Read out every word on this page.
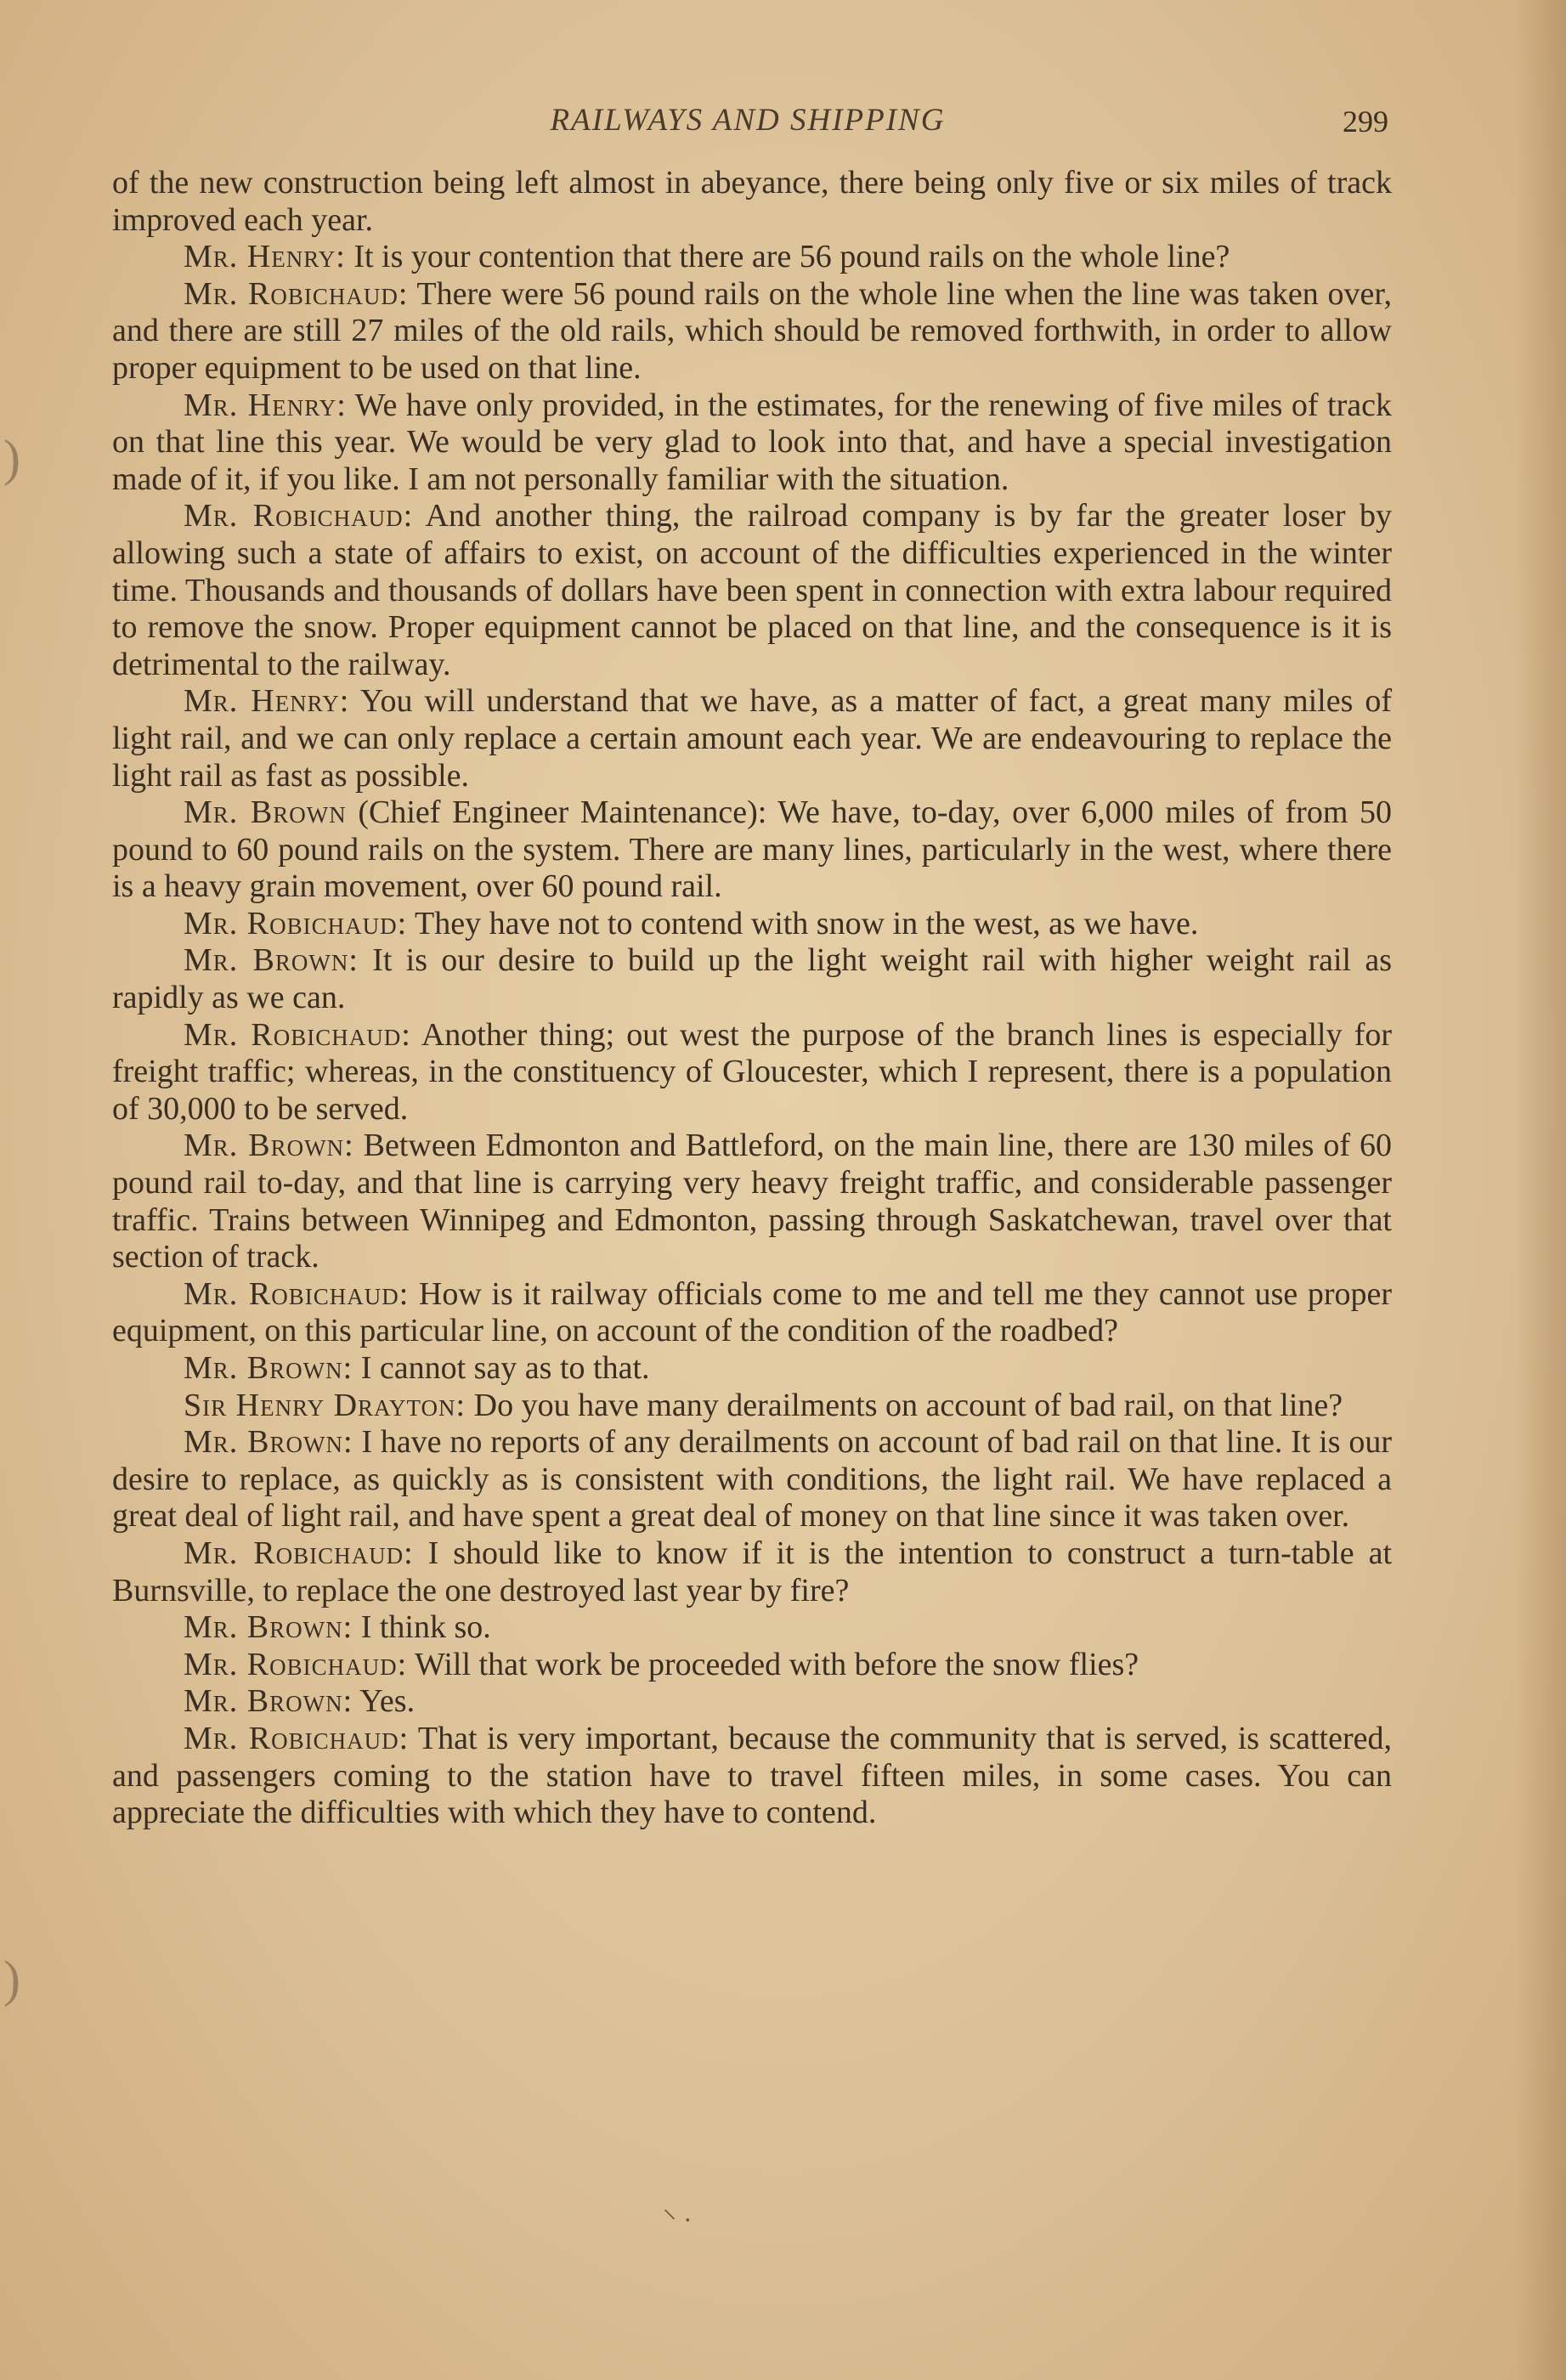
RAILWAYS AND SHIPPING	299
)
)

of the new construction being left almost in abeyance, there being only five or six miles of track improved each year.

Mr. Henry: It is your contention that there are 56 pound rails on the whole line?

Mr. Robichaud: There were 56 pound rails on the whole line when the line was taken over, and there are still 27 miles of the old rails, which should be removed forthwith, in order to allow proper equipment to be used on that line.

Mr. Henry: We have only provided, in the estimates, for the renewing of five miles of track on that line this year. We would be very glad to look into that, and have a special investigation made of it, if you like. I am not personally familiar with the situation.

Mr. Robichaud: And another thing, the railroad company is by far the greater loser by allowing such a state of affairs to exist, on account of the difficulties experienced in the winter time. Thousands and thousands of dollars have been spent in connection with extra labour required to remove the snow. Proper equipment cannot be placed on that line, and the consequence is it is detrimental to the railway.

Mr. Henry: You will understand that we have, as a matter of fact, a great many miles of light rail, and we can only replace a certain amount each year. We are endeavouring to replace the light rail as fast as possible.

Mr. Brown (Chief Engineer Maintenance): We have, to-day, over 6,000 miles of from 50 pound to 60 pound rails on the system. There are many lines, particularly in the west, where there is a heavy grain movement, over 60 pound rail.

Mr. Robichaud: They have not to contend with snow in the west, as we have.

Mr. Brown: It is our desire to build up the light weight rail with higher weight rail as rapidly as we can.

Mr. Robichaud: Another thing; out west the purpose of the branch lines is especially for freight traffic; whereas, in the constituency of Gloucester, which I represent, there is a population of 30,000 to be served.

Mr. Brown: Between Edmonton and Battleford, on the main line, there are 130 miles of 60 pound rail to-day, and that line is carrying very heavy freight traffic, and considerable passenger traffic. Trains between Winnipeg and Edmonton, passing through Saskatchewan, travel over that section of track.

Mr. Robichaud: How is it railway officials come to me and tell me they cannot use proper equipment, on this particular line, on account of the condition of the roadbed?

Mr. Brown: I cannot say as to that.

Sir Henry Drayton: Do you have many derailments on account of bad rail, on that line?

Mr. Brown: I have no reports of any derailments on account of bad rail on that line. It is our desire to replace, as quickly as is consistent with conditions, the light rail. We have replaced a great deal of light rail, and have spent a great deal of money on that line since it was taken over.

Mr. Robichaud: I should like to know if it is the intention to construct a turn-table at Burnsville, to replace the one destroyed last year by fire?

Mr. Brown: I think so.

Mr. Robichaud: Will that work be proceeded with before the snow flies?

Mr. Brown: Yes.

Mr. Robichaud: That is very important, because the community that is served, is scattered, and passengers coming to the station have to travel fifteen miles, in some cases. You can appreciate the difficulties with which they have to contend.

⸌ ·
